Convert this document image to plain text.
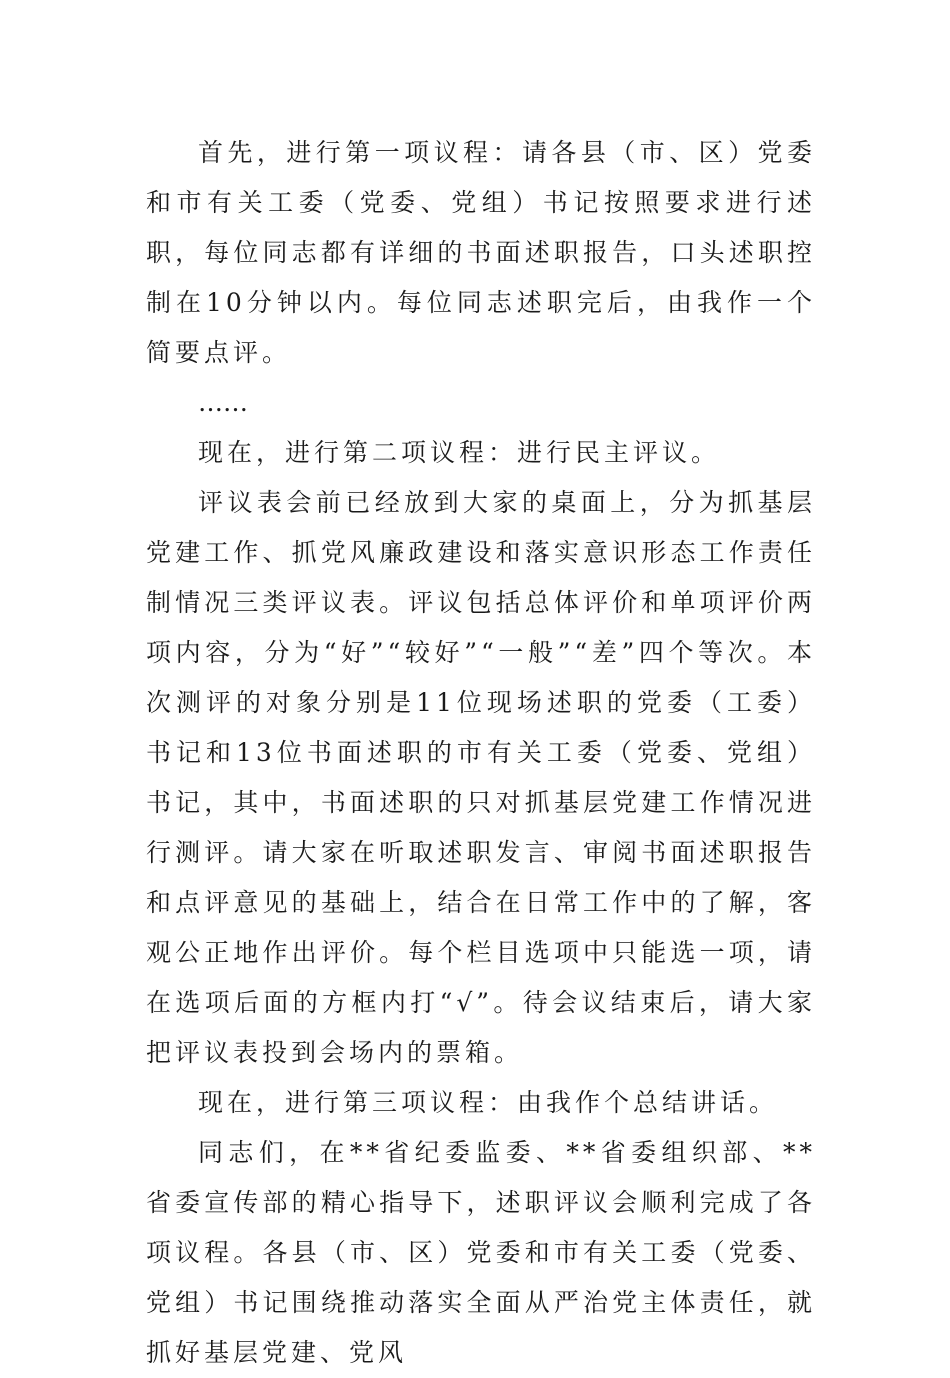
首先，进行第一项议程：请各县（市、区）党委和市有关工委（党委、党组）书记按照要求进行述职，每位同志都有详细的书面述职报告，口头述职控制在10分钟以内。每位同志述职完后，由我作一个简要点评。

……

现在，进行第二项议程：进行民主评议。

评议表会前已经放到大家的桌面上，分为抓基层党建工作、抓党风廉政建设和落实意识形态工作责任制情况三类评议表。评议包括总体评价和单项评价两项内容，分为“好”“较好”“一般”“差”四个等次。本次测评的对象分别是11位现场述职的党委（工委）书记和13位书面述职的市有关工委（党委、党组）书记，其中，书面述职的只对抓基层党建工作情况进行测评。请大家在听取述职发言、审阅书面述职报告和点评意见的基础上，结合在日常工作中的了解，客观公正地作出评价。每个栏目选项中只能选一项，请在选项后面的方框内打“√”。待会议结束后，请大家把评议表投到会场内的票箱。

现在，进行第三项议程：由我作个总结讲话。

同志们，在**省纪委监委、**省委组织部、**省委宣传部的精心指导下，述职评议会顺利完成了各项议程。各县（市、区）党委和市有关工委（党委、党组）书记围绕推动落实全面从严治党主体责任，就抓好基层党建、党风
